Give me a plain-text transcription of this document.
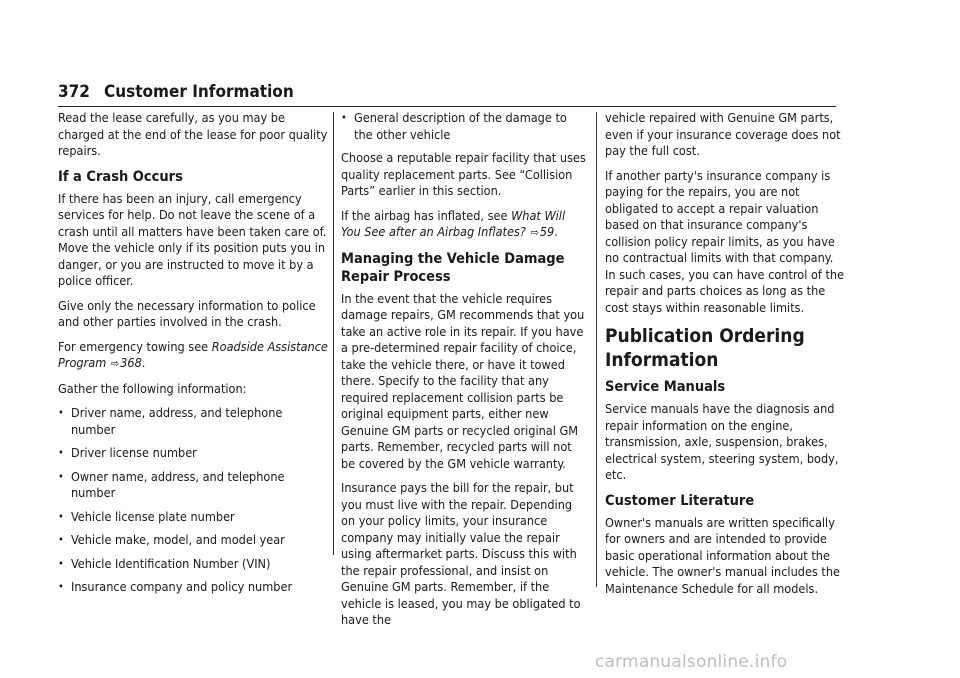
372 Customer Information

Read the lease carefully, as you may be charged at the end of the lease for poor quality repairs.

If a Crash Occurs

If there has been an injury, call emergency services for help. Do not leave the scene of a crash until all matters have been taken care of. Move the vehicle only if its position puts you in danger, or you are instructed to move it by a police officer.

Give only the necessary information to police and other parties involved in the crash.

For emergency towing see Roadside Assistance Program ⇨368.

Gather the following information:

• Driver name, address, and telephone number
• Driver license number
• Owner name, address, and telephone number
• Vehicle license plate number
• Vehicle make, model, and model year
• Vehicle Identification Number (VIN)
• Insurance company and policy number
• General description of the damage to the other vehicle

Choose a reputable repair facility that uses quality replacement parts. See “Collision Parts” earlier in this section.

If the airbag has inflated, see What Will You See after an Airbag Inflates? ⇨59.

Managing the Vehicle Damage Repair Process

In the event that the vehicle requires damage repairs, GM recommends that you take an active role in its repair. If you have a pre-determined repair facility of choice, take the vehicle there, or have it towed there. Specify to the facility that any required replacement collision parts be original equipment parts, either new Genuine GM parts or recycled original GM parts. Remember, recycled parts will not be covered by the GM vehicle warranty.

Insurance pays the bill for the repair, but you must live with the repair. Depending on your policy limits, your insurance company may initially value the repair using aftermarket parts. Discuss this with the repair professional, and insist on Genuine GM parts. Remember, if the vehicle is leased, you may be obligated to have the

vehicle repaired with Genuine GM parts, even if your insurance coverage does not pay the full cost.

If another party's insurance company is paying for the repairs, you are not obligated to accept a repair valuation based on that insurance company's collision policy repair limits, as you have no contractual limits with that company. In such cases, you can have control of the repair and parts choices as long as the cost stays within reasonable limits.

Publication Ordering Information
Service Manuals

Service manuals have the diagnosis and repair information on the engine, transmission, axle, suspension, brakes, electrical system, steering system, body, etc.

Customer Literature

Owner's manuals are written specifically for owners and are intended to provide basic operational information about the vehicle. The owner's manual includes the Maintenance Schedule for all models.

carmanualsonline.info
